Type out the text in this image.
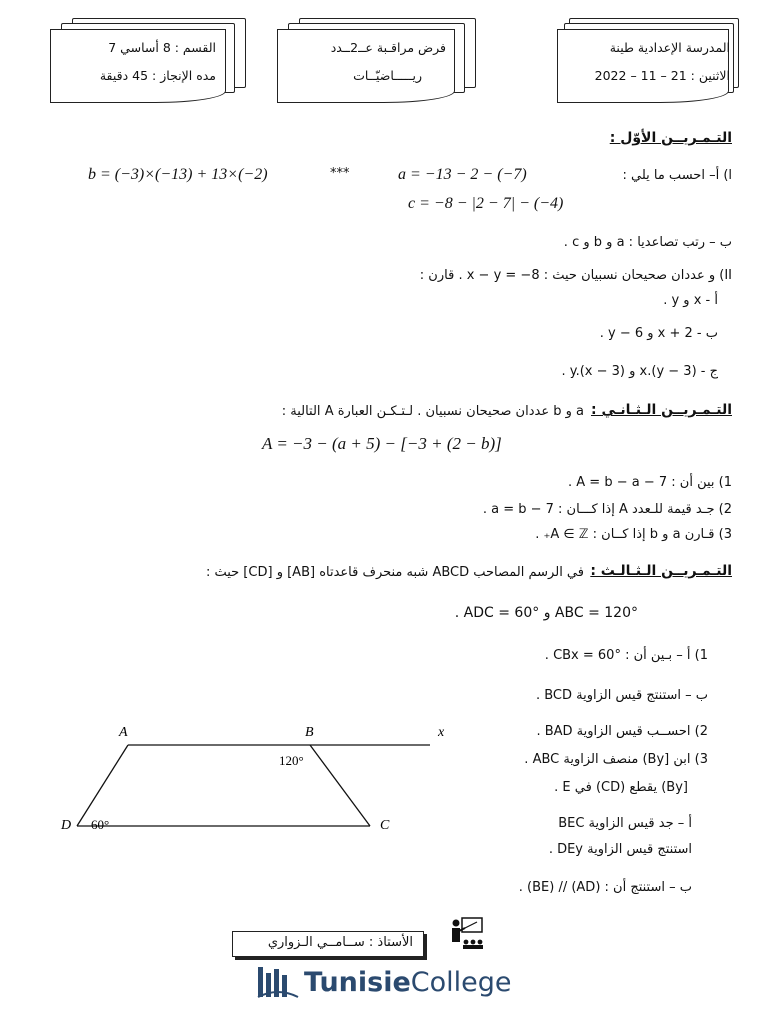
المدرسة الإعدادية طينة
الاثنين : 21 – 11 – 2022
فرض مراقـبة عــ2ــدد
ريـــــاضيّــات
القسم : 8 أساسي 7
مده الإنجاز : 45 دقيقة
التـمـريــن الأوّل :
ا) أ– احسب ما يلي :
a = −13 − 2 − (−7)
***
b = (−3)×(−13) + 13×(−2)
c = −8 − |2 − 7| − (−4)
ب – رتب تصاعديا : a و b و c .
II) و عددان صحيحان نسبيان حيث : x − y = −8 . قارن :
أ - x و y .
ب - x + 2 و y − 6 .
ج - x.(y − 3) و y.(x − 3) .
التـمـريــن الـثـانـي :
a و b عددان صحيحان نسبيان . لـتـكـن العبارة A التالية :
A = −3 − (a + 5) − [−3 + (2 − b)]
1) بين أن : A = b − a − 7 .
2) جـد قيمة للـعدد A إذا كـــان : a = b − 7 .
3) قـارن a و b إذا كــان : A ∈ ℤ₊ .
التـمـريــن الـثـالـث :
في الرسم المصاحب ABCD شبه منحرف قاعدتاه [AB] و [CD] حيث :
ABC = 120° و ADC = 60° .
1) أ – بـين أن : CBx = 60° .
ب – استنتج قيس الزاوية BCD .
2) احســب قيس الزاوية BAD .
3) ابن [By) منصف الزاوية ABC .
[By) يقطع (CD) في E .
أ – جد قيس الزاوية BEC
استنتج قيس الزاوية DEy .
ب – استنتج أن : (AD) // (BE) .
A	B	x
C
D
120°
60°
الأستاذ : ســامــي الـزواري
Tunisie College
